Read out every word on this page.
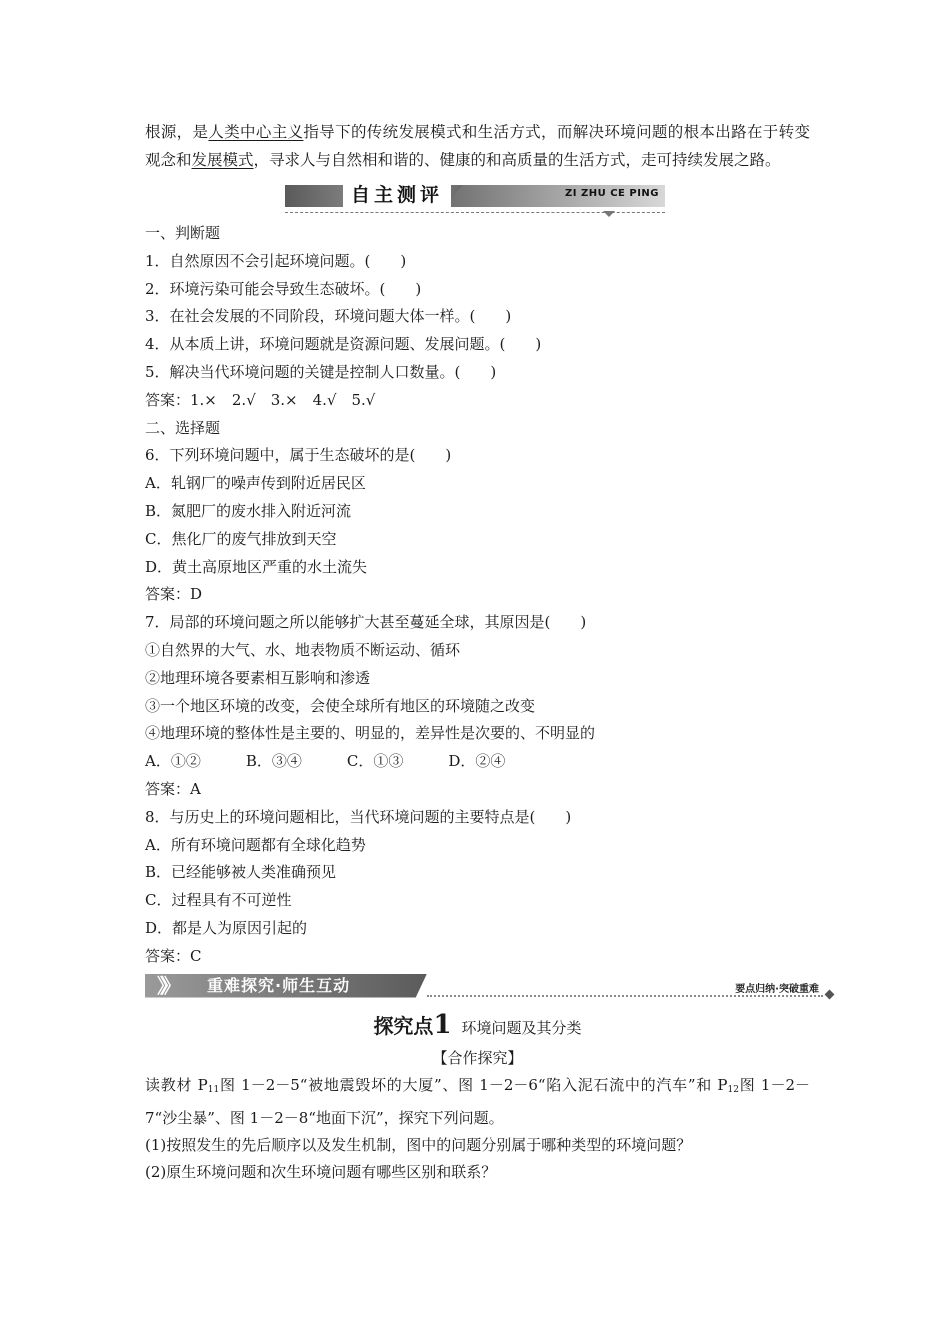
根源，是人类中心主义指导下的传统发展模式和生活方式，而解决环境问题的根本出路在于转变观念和发展模式，寻求人与自然相和谐的、健康的和高质量的生活方式，走可持续发展之路。

自主测评	ZI ZHU CE PING

一、判断题

1．自然原因不会引起环境问题。(　　)

2．环境污染可能会导致生态破坏。(　　)

3．在社会发展的不同阶段，环境问题大体一样。(　　)

4．从本质上讲，环境问题就是资源问题、发展问题。(　　)

5．解决当代环境问题的关键是控制人口数量。(　　)

答案：1.×　2.√　3.×　4.√　5.√

二、选择题

6．下列环境问题中，属于生态破坏的是(　　)

A．轧钢厂的噪声传到附近居民区

B．氮肥厂的废水排入附近河流

C．焦化厂的废气排放到天空

D．黄土高原地区严重的水土流失

答案：D

7．局部的环境问题之所以能够扩大甚至蔓延全球，其原因是(　　)

①自然界的大气、水、地表物质不断运动、循环

②地理环境各要素相互影响和渗透

③一个地区环境的改变，会使全球所有地区的环境随之改变

④地理环境的整体性是主要的、明显的，差异性是次要的、不明显的

A．①②　　　B．③④　　　C．①③　　　D．②④

答案：A

8．与历史上的环境问题相比，当代环境问题的主要特点是(　　)

A．所有环境问题都有全球化趋势

B．已经能够被人类准确预见

C．过程具有不可逆性

D．都是人为原因引起的

答案：C

》》 重难探究·师生互动	要点归纳·突破重难

探究点1 环境问题及其分类

【合作探究】

读教材 $P_{11}$图 1－2－5“被地震毁坏的大厦”、图 1－2－6“陷入泥石流中的汽车”和 $P_{12}$图 1－2－7“沙尘暴”、图 1－2－8“地面下沉”，探究下列问题。

(1)按照发生的先后顺序以及发生机制，图中的问题分别属于哪种类型的环境问题？

(2)原生环境问题和次生环境问题有哪些区别和联系？
